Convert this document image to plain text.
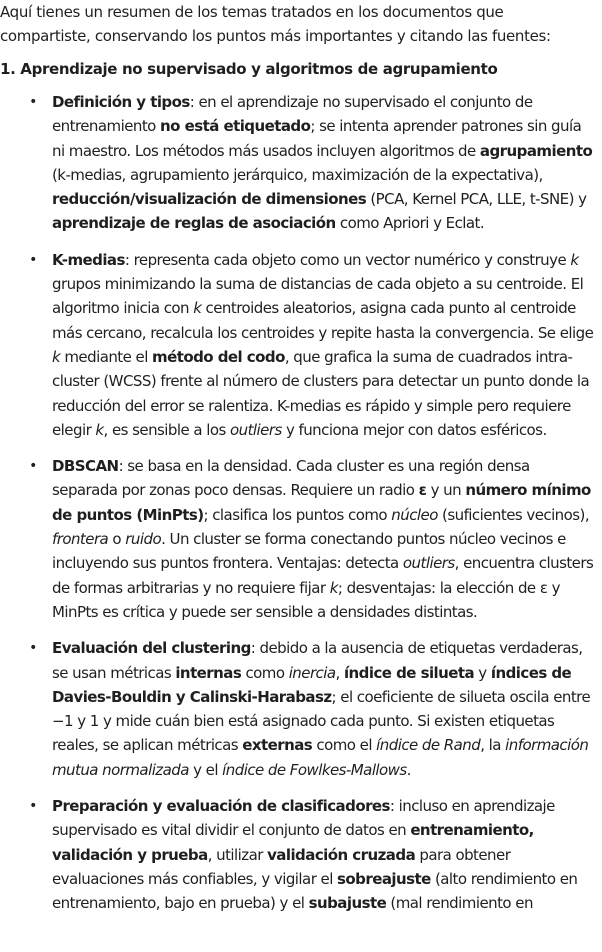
Aquí tienes un resumen de los temas tratados en los documentos que compartiste, conservando los puntos más importantes y citando las fuentes:

1. Aprendizaje no supervisado y algoritmos de agrupamiento

• Definición y tipos: en el aprendizaje no supervisado el conjunto de entrenamiento no está etiquetado; se intenta aprender patrones sin guía ni maestro. Los métodos más usados incluyen algoritmos de agrupamiento (k-medias, agrupamiento jerárquico, maximización de la expectativa), reducción/visualización de dimensiones (PCA, Kernel PCA, LLE, t-SNE) y aprendizaje de reglas de asociación como Apriori y Eclat.
• K-medias: representa cada objeto como un vector numérico y construye k grupos minimizando la suma de distancias de cada objeto a su centroide. El algoritmo inicia con k centroides aleatorios, asigna cada punto al centroide más cercano, recalcula los centroides y repite hasta la convergencia. Se elige k mediante el método del codo, que grafica la suma de cuadrados intra-cluster (WCSS) frente al número de clusters para detectar un punto donde la reducción del error se ralentiza. K-medias es rápido y simple pero requiere elegir k, es sensible a los outliers y funciona mejor con datos esféricos.
• DBSCAN: se basa en la densidad. Cada cluster es una región densa separada por zonas poco densas. Requiere un radio ε y un número mínimo de puntos (MinPts); clasifica los puntos como núcleo (suficientes vecinos), frontera o ruido. Un cluster se forma conectando puntos núcleo vecinos e incluyendo sus puntos frontera. Ventajas: detecta outliers, encuentra clusters de formas arbitrarias y no requiere fijar k; desventajas: la elección de ε y MinPts es crítica y puede ser sensible a densidades distintas.
• Evaluación del clustering: debido a la ausencia de etiquetas verdaderas, se usan métricas internas como inercia, índice de silueta y índices de Davies-Bouldin y Calinski-Harabasz; el coeficiente de silueta oscila entre −1 y 1 y mide cuán bien está asignado cada punto. Si existen etiquetas reales, se aplican métricas externas como el índice de Rand, la información mutua normalizada y el índice de Fowlkes-Mallows.
• Preparación y evaluación de clasificadores: incluso en aprendizaje supervisado es vital dividir el conjunto de datos en entrenamiento, validación y prueba, utilizar validación cruzada para obtener evaluaciones más confiables, y vigilar el sobreajuste (alto rendimiento en entrenamiento, bajo en prueba) y el subajuste (mal rendimiento en
